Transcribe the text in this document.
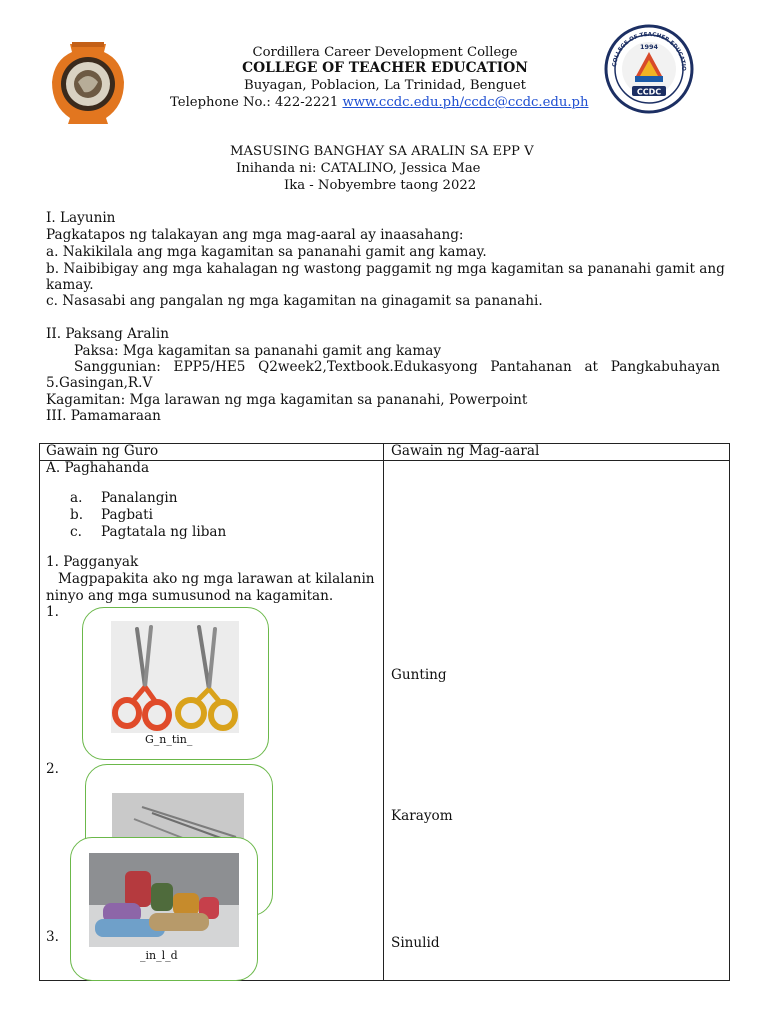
CCDC
1994
COLLEGE OF TEACHER EDUCATIO
Cordillera Career Development College
COLLEGE OF TEACHER EDUCATION
Buyagan, Poblacion, La Trinidad, Benguet
Telephone No.: 422-2221 www.ccdc.edu.ph/ccdc@ccdc.edu.ph
MASUSING BANGHAY SA ARALIN SA EPP V
Inihanda ni: CATALINO, Jessica Mae
Ika - Nobyembre taong 2022
I. Layunin
Pagkatapos ng talakayan ang mga mag-aaral ay inaasahang:
a. Nakikilala ang mga kagamitan sa pananahi gamit ang kamay.
b. Naibibigay ang mga kahalagan ng wastong paggamit ng mga kagamitan sa pananahi gamit ang
kamay.
c. Nasasabi ang pangalan ng mga kagamitan na ginagamit sa pananahi.
II. Paksang Aralin
Paksa: Mga kagamitan sa pananahi gamit ang kamay
Sanggunian: EPP5/HE5 Q2week2,Textbook.Edukasyong Pantahanan at Pangkabuhayan
5.Gasingan,R.V
Kagamitan: Mga larawan ng mga kagamitan sa pananahi, Powerpoint
III. Pamamaraan
Gawain ng Guro	Gawain ng Mag-aaral
A. Paghahanda
a. Panalangin
b. Pagbati
c. Pagtatala ng liban
1. Pagganyak
Magpapakita ako ng mga larawan at kilalanin
ninyo ang mga sumusunod na kagamitan.
1.
2.
3.
G_n_tin_
_in_l_d
Gunting
Karayom
Sinulid
